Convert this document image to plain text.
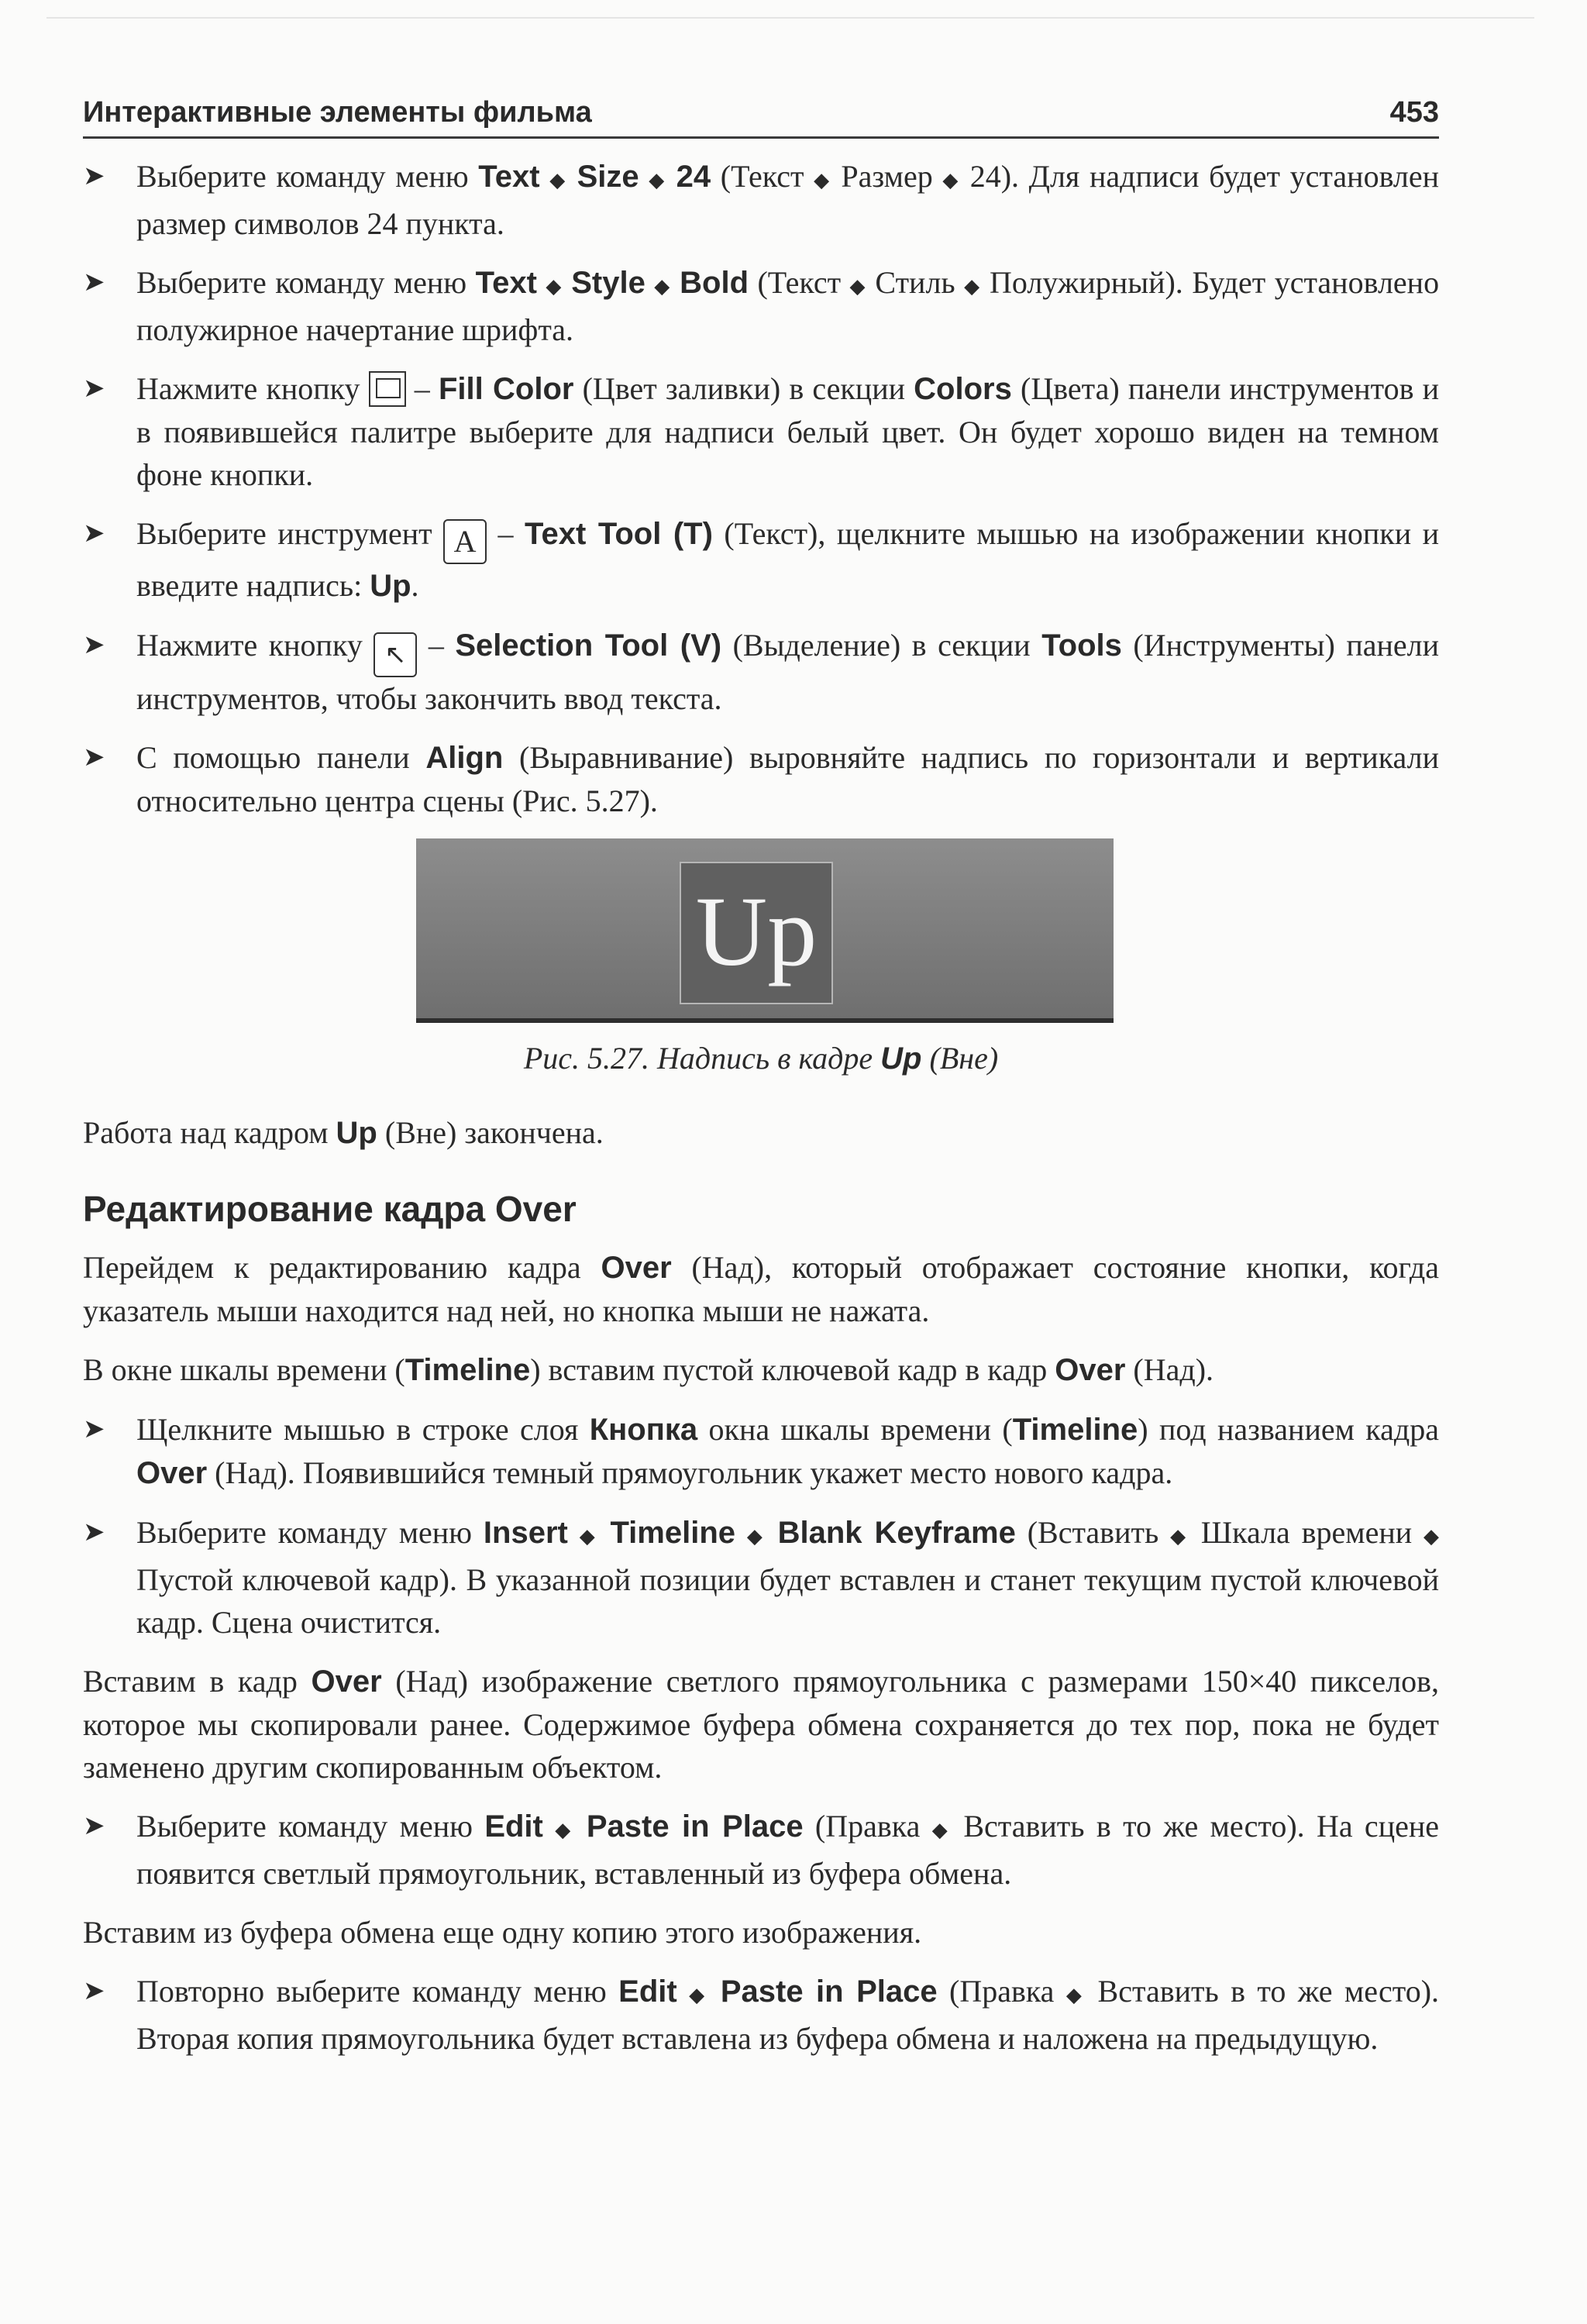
Интерактивные элементы фильма	453
➤ Выберите команду меню Text ◆ Size ◆ 24 (Текст ◆ Размер ◆ 24). Для надписи будет установлен размер символов 24 пункта.
➤ Выберите команду меню Text ◆ Style ◆ Bold (Текст ◆ Стиль ◆ Полужирный). Будет установлено полужирное начертание шрифта.
➤ Нажмите кнопку  – Fill Color (Цвет заливки) в секции Colors (Цвета) панели инструментов и в появившейся палитре выберите для надписи белый цвет. Он будет хорошо виден на темном фоне кнопки.
➤ Выберите инструмент A – Text Tool (T) (Текст), щелкните мышью на изображении кнопки и введите надпись: Up.
➤ Нажмите кнопку ↖ – Selection Tool (V) (Выделение) в секции Tools (Инструменты) панели инструментов, чтобы закончить ввод текста.
➤ С помощью панели Align (Выравнивание) выровняйте надпись по горизонтали и вертикали относительно центра сцены (Рис. 5.27).
Up
Рис. 5.27. Надпись в кадре Up (Вне)
Работа над кадром Up (Вне) закончена.
Редактирование кадра Over
Перейдем к редактированию кадра Over (Над), который отображает состояние кнопки, когда указатель мыши находится над ней, но кнопка мыши не нажата.
В окне шкалы времени (Timeline) вставим пустой ключевой кадр в кадр Over (Над).
➤ Щелкните мышью в строке слоя Кнопка окна шкалы времени (Timeline) под названием кадра Over (Над). Появившийся темный прямоугольник укажет место нового кадра.
➤ Выберите команду меню Insert ◆ Timeline ◆ Blank Keyframe (Вставить ◆ Шкала времени ◆ Пустой ключевой кадр). В указанной позиции будет вставлен и станет текущим пустой ключевой кадр. Сцена очистится.
Вставим в кадр Over (Над) изображение светлого прямоугольника с размерами 150×40 пикселов, которое мы скопировали ранее. Содержимое буфера обмена сохраняется до тех пор, пока не будет заменено другим скопированным объектом.
➤ Выберите команду меню Edit ◆ Paste in Place (Правка ◆ Вставить в то же место). На сцене появится светлый прямоугольник, вставленный из буфера обмена.
Вставим из буфера обмена еще одну копию этого изображения.
➤ Повторно выберите команду меню Edit ◆ Paste in Place (Правка ◆ Вставить в то же место). Вторая копия прямоугольника будет вставлена из буфера обмена и наложена на предыдущую.
